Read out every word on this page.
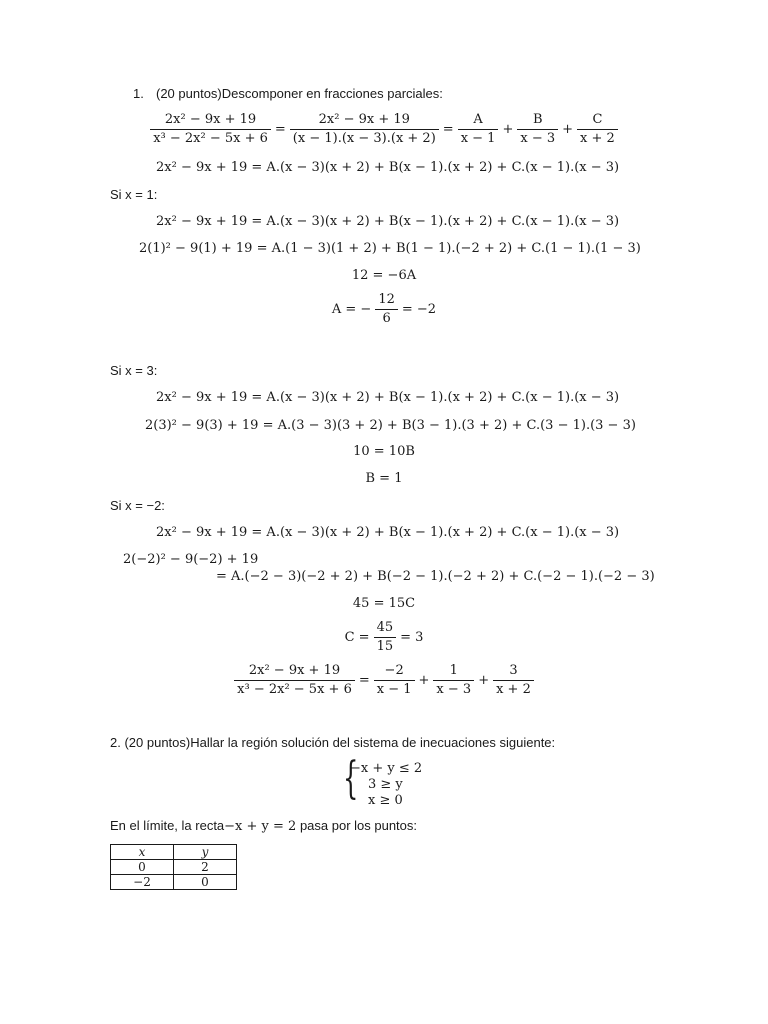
1. (20 puntos)Descomponer en fracciones parciales:
$\frac{\text{2x² − 9x + 19}}{\text{x³ − 2x² − 5x + 6}} = \frac{\text{2x² − 9x + 19}}{(x - 1).(x - 3).(x + 2)} = \frac{A}{x - 1} + \frac{B}{x - 3} + \frac{C}{x + 2}$
2x² − 9x + 19 = A.(x − 3)(x + 2) + B(x − 1).(x + 2) + C.(x − 1).(x − 3)
Si x = 1:
2x² − 9x + 19 = A.(x − 3)(x + 2) + B(x − 1).(x + 2) + C.(x − 1).(x − 3)
2(1)² − 9(1) + 19 = A.(1 − 3)(1 + 2) + B(1 − 1).(−2 + 2) + C.(1 − 1).(1 − 3)
12 = −6A
A = − $\frac{12}{6} = -2$
Si x = 3:
2x² − 9x + 19 = A.(x − 3)(x + 2) + B(x − 1).(x + 2) + C.(x − 1).(x − 3)
2(3)² − 9(3) + 19 = A.(3 − 3)(3 + 2) + B(3 − 1).(3 + 2) + C.(3 − 1).(3 − 3)
10 = 10B
B = 1
Si x = −2:
2x² − 9x + 19 = A.(x − 3)(x + 2) + B(x − 1).(x + 2) + C.(x − 1).(x − 3)
2(−2)² − 9(−2) + 19
= A.(−2 − 3)(−2 + 2) + B(−2 − 1).(−2 + 2) + C.(−2 − 1).(−2 − 3)
45 = 15C
$C = \frac{45}{15} = 3$
$\frac{\text{2x² − 9x + 19}}{\text{x³ − 2x² − 5x + 6}} = \frac{-2}{x - 1} + \frac{1}{x - 3} + \frac{3}{x + 2}$
2. (20 puntos)Hallar la región solución del sistema de inecuaciones siguiente:
{
−x + y ≤ 2
3 ≥ y
x ≥ 0
En el límite, la recta−x + y = 2 pasa por los puntos:
x	y
0	2
−2	0
